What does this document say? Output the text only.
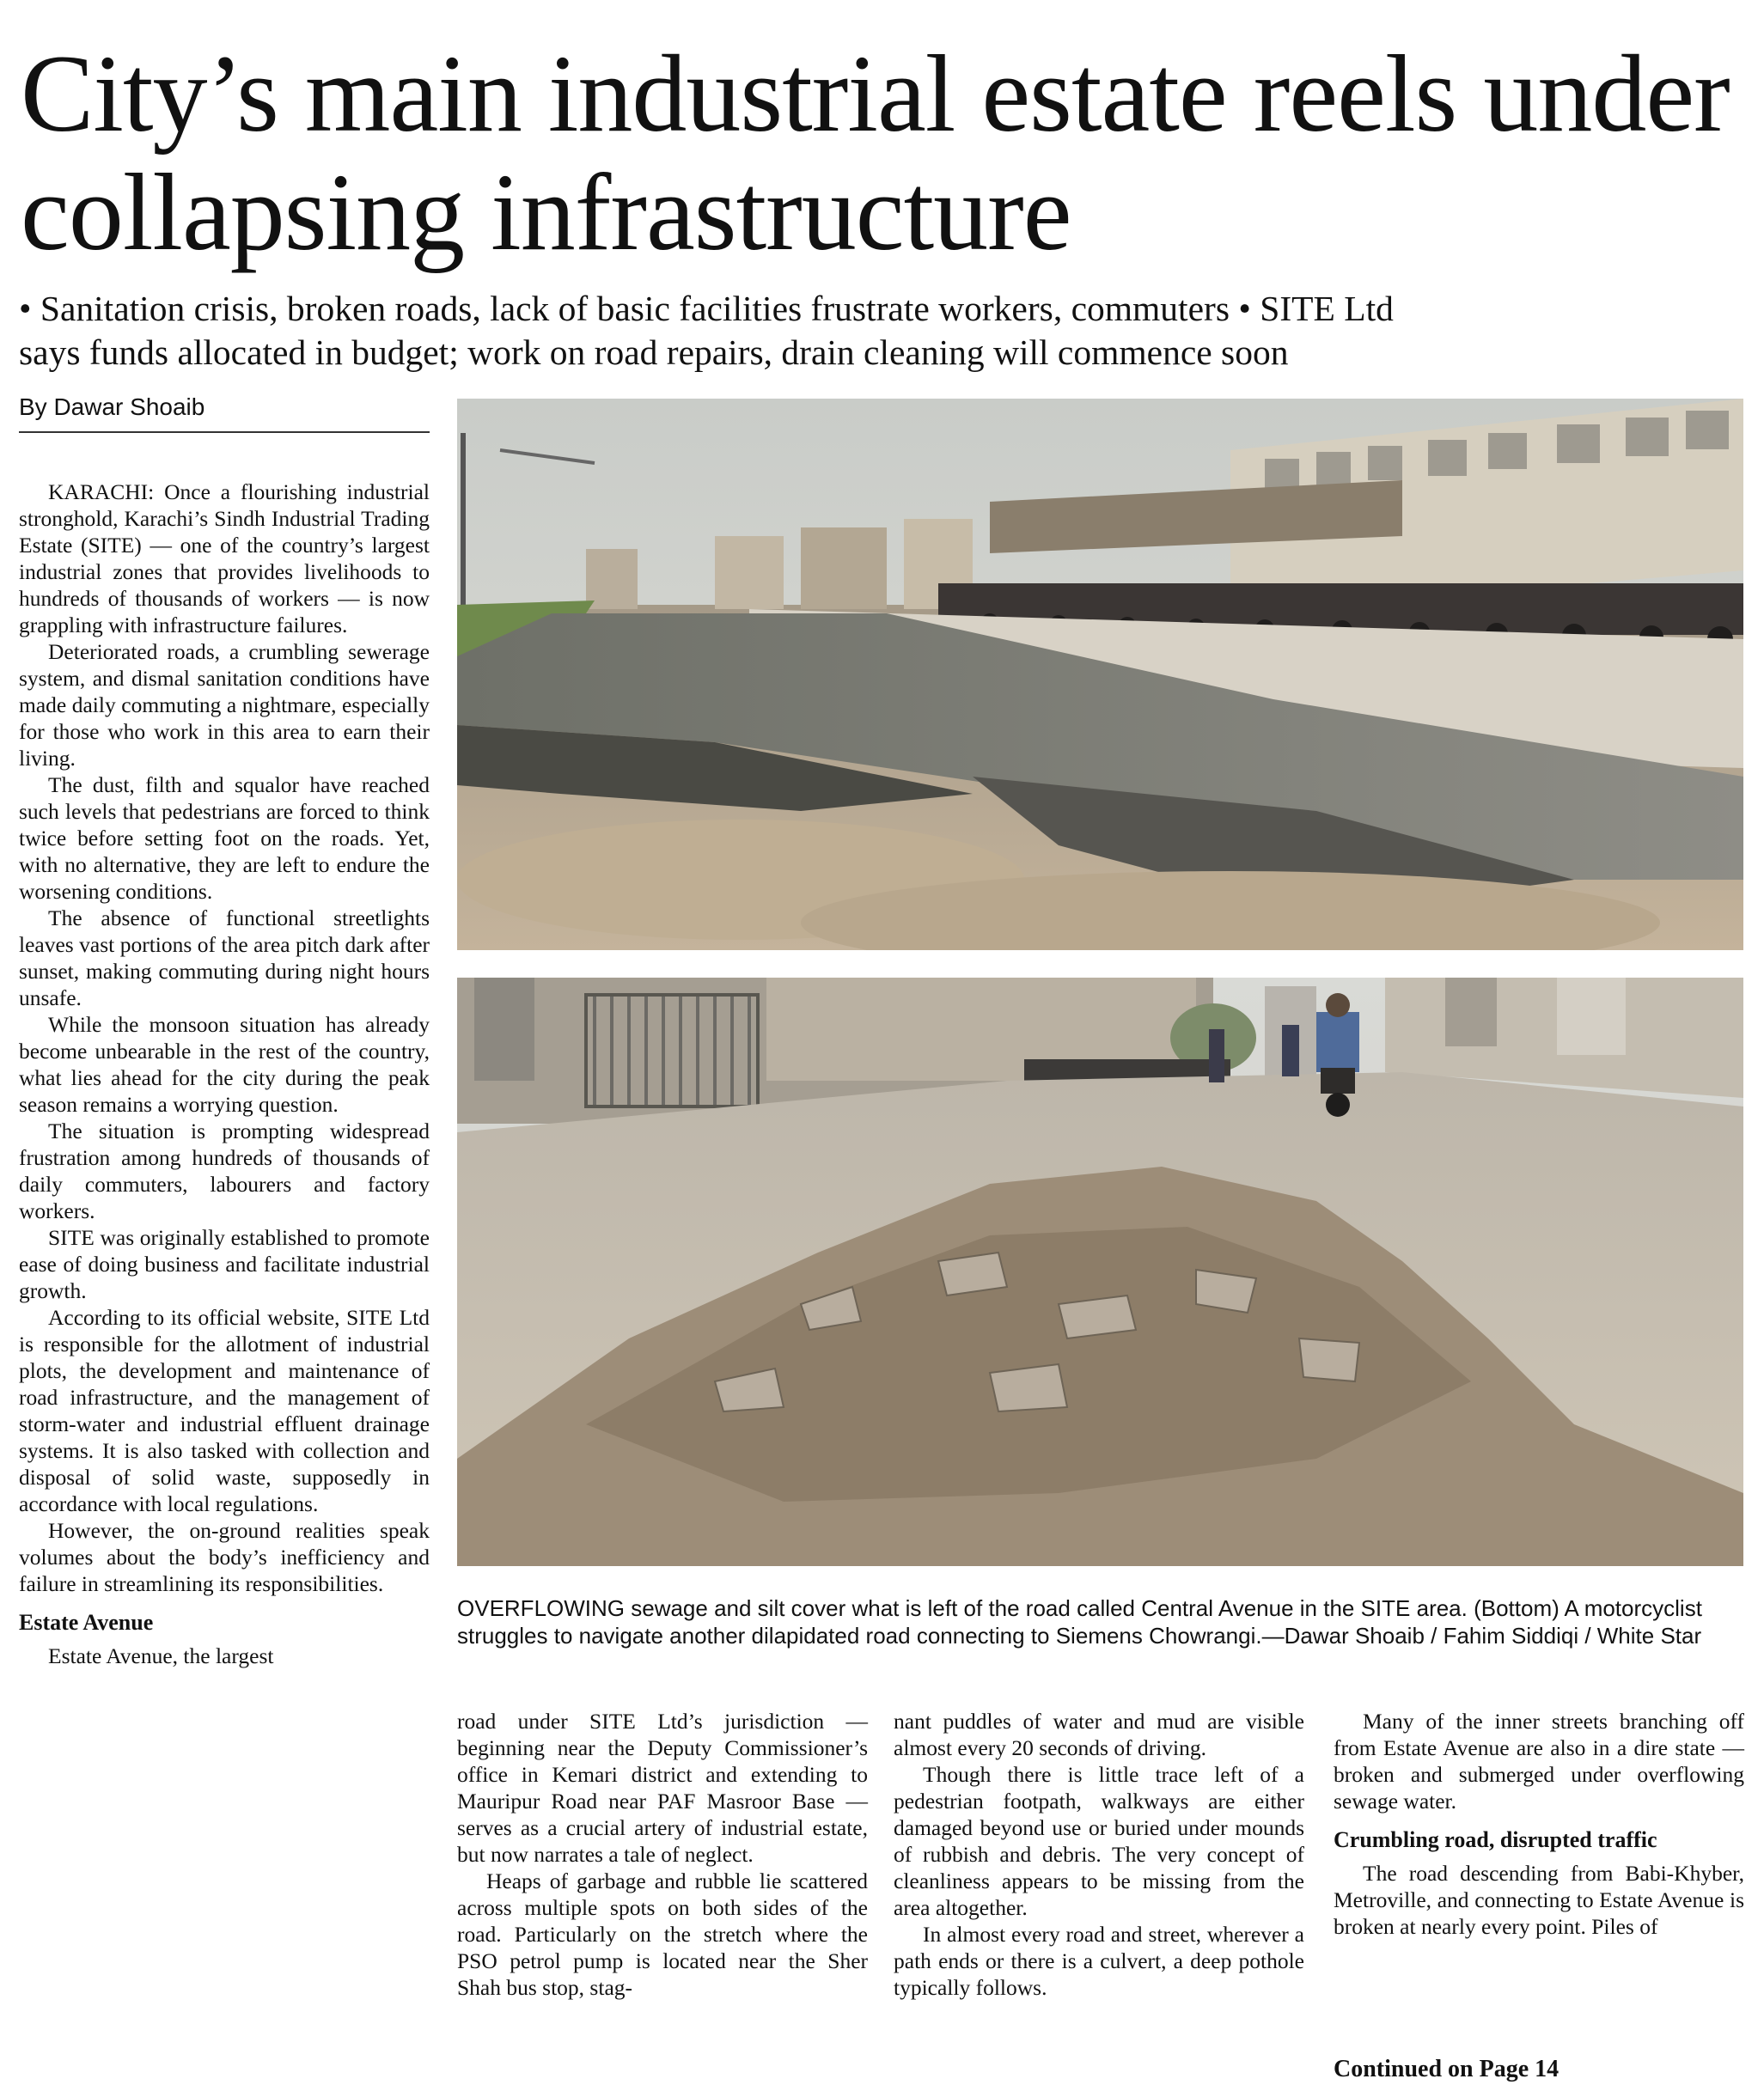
City’s main industrial estate reels under collapsing infrastructure
• Sanitation crisis, broken roads, lack of basic facilities frustrate workers, commuters • SITE Ltd
says funds allocated in budget; work on road repairs, drain cleaning will commence soon
By Dawar Shoaib

KARACHI: Once a flourishing industrial stronghold, Karachi’s Sindh Industrial Trading Estate (SITE) — one of the country’s largest industrial zones that provides livelihoods to hundreds of thousands of workers — is now grappling with infrastructure failures.

Deteriorated roads, a crumbling sewerage system, and dismal sanitation conditions have made daily commuting a nightmare, especially for those who work in this area to earn their living.

The dust, filth and squalor have reached such levels that pedestrians are forced to think twice before setting foot on the roads. Yet, with no alternative, they are left to endure the worsening conditions.

The absence of functional streetlights leaves vast portions of the area pitch dark after sunset, making commuting during night hours unsafe.

While the monsoon situation has already become unbearable in the rest of the country, what lies ahead for the city during the peak season remains a worrying question.

The situation is prompting widespread frustration among hundreds of thousands of daily commuters, labourers and factory workers.

SITE was originally established to promote ease of doing business and facilitate industrial growth.

According to its official website, SITE Ltd is responsible for the allotment of industrial plots, the development and maintenance of road infrastructure, and the management of storm-water and industrial effluent drainage systems. It is also tasked with collection and disposal of solid waste, supposedly in accordance with local regulations.

However, the on-ground realities speak volumes about the body’s inefficiency and failure in streamlining its responsibilities.

Estate Avenue

Estate Avenue, the largest

OVERFLOWING sewage and silt cover what is left of the road called Central Avenue in the SITE area. (Bottom) A motorcyclist struggles to navigate another dilapidated road connecting to Siemens Chowrangi.—Dawar Shoaib / Fahim Siddiqi / White Star

road under SITE Ltd’s jurisdiction — beginning near the Deputy Commissioner’s office in Kemari district and extending to Mauripur Road near PAF Masroor Base — serves as a crucial artery of industrial estate, but now narrates a tale of neglect.

Heaps of garbage and rubble lie scattered across multiple spots on both sides of the road. Particularly on the stretch where the PSO petrol pump is located near the Sher Shah bus stop, stag-

nant puddles of water and mud are visible almost every 20 seconds of driving.

Though there is little trace left of a pedestrian footpath, walkways are either damaged beyond use or buried under mounds of rubbish and debris. The very concept of cleanliness appears to be missing from the area altogether.

In almost every road and street, wherever a path ends or there is a culvert, a deep pothole typically follows.

Many of the inner streets branching off from Estate Avenue are also in a dire state — broken and submerged under overflowing sewage water.

Crumbling road, disrupted traffic

The road descending from Babi-Khyber, Metroville, and connecting to Estate Avenue is broken at nearly every point. Piles of

Continued on Page 14
